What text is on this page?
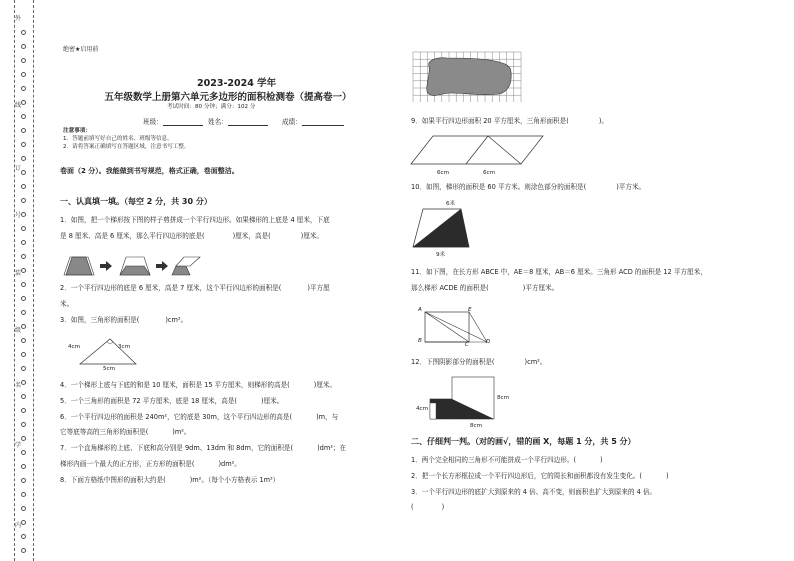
外
线
订
号
装
级
名
学
内
绝密★启用前
2023-2024 学年
五年级数学上册第六单元多边形的面积检测卷（提高卷一）
考试时间：80 分钟；满分：102 分
班级：	姓名：	成绩：
注意事项：
1．答题前填写好自己的姓名、班级等信息。
2．请将答案正确填写在答题区域，注意书写工整。
卷面（2 分）。我能做到书写规范，格式正确，卷面整洁。
一、认真填一填。（每空 2 分，共 30 分）
1．如图，把一个梯形按下图的样子剪拼成一个平行四边形。如果梯形的上底是 4 厘米，下底
是 8 厘米、高是 6 厘米，那么平行四边形的底是(	)厘米，高是(	)厘米。
2．一个平行四边形的底是 6 厘米，高是 7 厘米，这个平行四边形的面积是(	)平方厘
米。
3．如图，三角形的面积是(	)cm²。
4cm	3cm
5cm
4．一个梯形上底与下底的和是 10 厘米，面积是 15 平方厘米，则梯形的高是(	)厘米。
5．一个三角形的面积是 72 平方厘米，底是 18 厘米，高是(	)厘米。
6．一个平行四边形的面积是 240m²，它的底是 30m，这个平行四边形的高是(	)m，与
它等底等高的三角形的面积是(	)m²。
7．一个直角梯形的上底、下底和高分别是 9dm、13dm 和 8dm，它的面积是(	)dm²；在
梯形内画一个最大的正方形，正方形的面积是(	)dm²。
8．下面方格纸中图形的面积大约是(	)m²。（每个小方格表示 1m²）
9．如果平行四边形面积 20 平方厘米，三角形面积是(	)。
6cm	6cm
10．如图，梯形的面积是 60 平方米。则涂色部分的面积是(	)平方米。
6米
9米
11．如下图，在长方形 ABCE 中，AE＝8 厘米，AB＝6 厘米。三角形 ACD 的面积是 12 平方厘米，
那么梯形 ACDE 的面积是(	)平方厘米。
A	E
B
C	D
12．下图阴影部分的面积是(	)cm²。
4cm
8cm
8cm
二、仔细判一判。（对的画√，错的画 X，每题 1 分，共 5 分）
1．两个完全相同的三角形不可能拼成一个平行四边形。(	)
2．把一个长方形框拉成一个平行四边形后，它的周长和面积都没有发生变化。(	)
3．一个平行四边形的底扩大到原来的 4 倍、高不变，则面积也扩大到原来的 4 倍。
(	)
